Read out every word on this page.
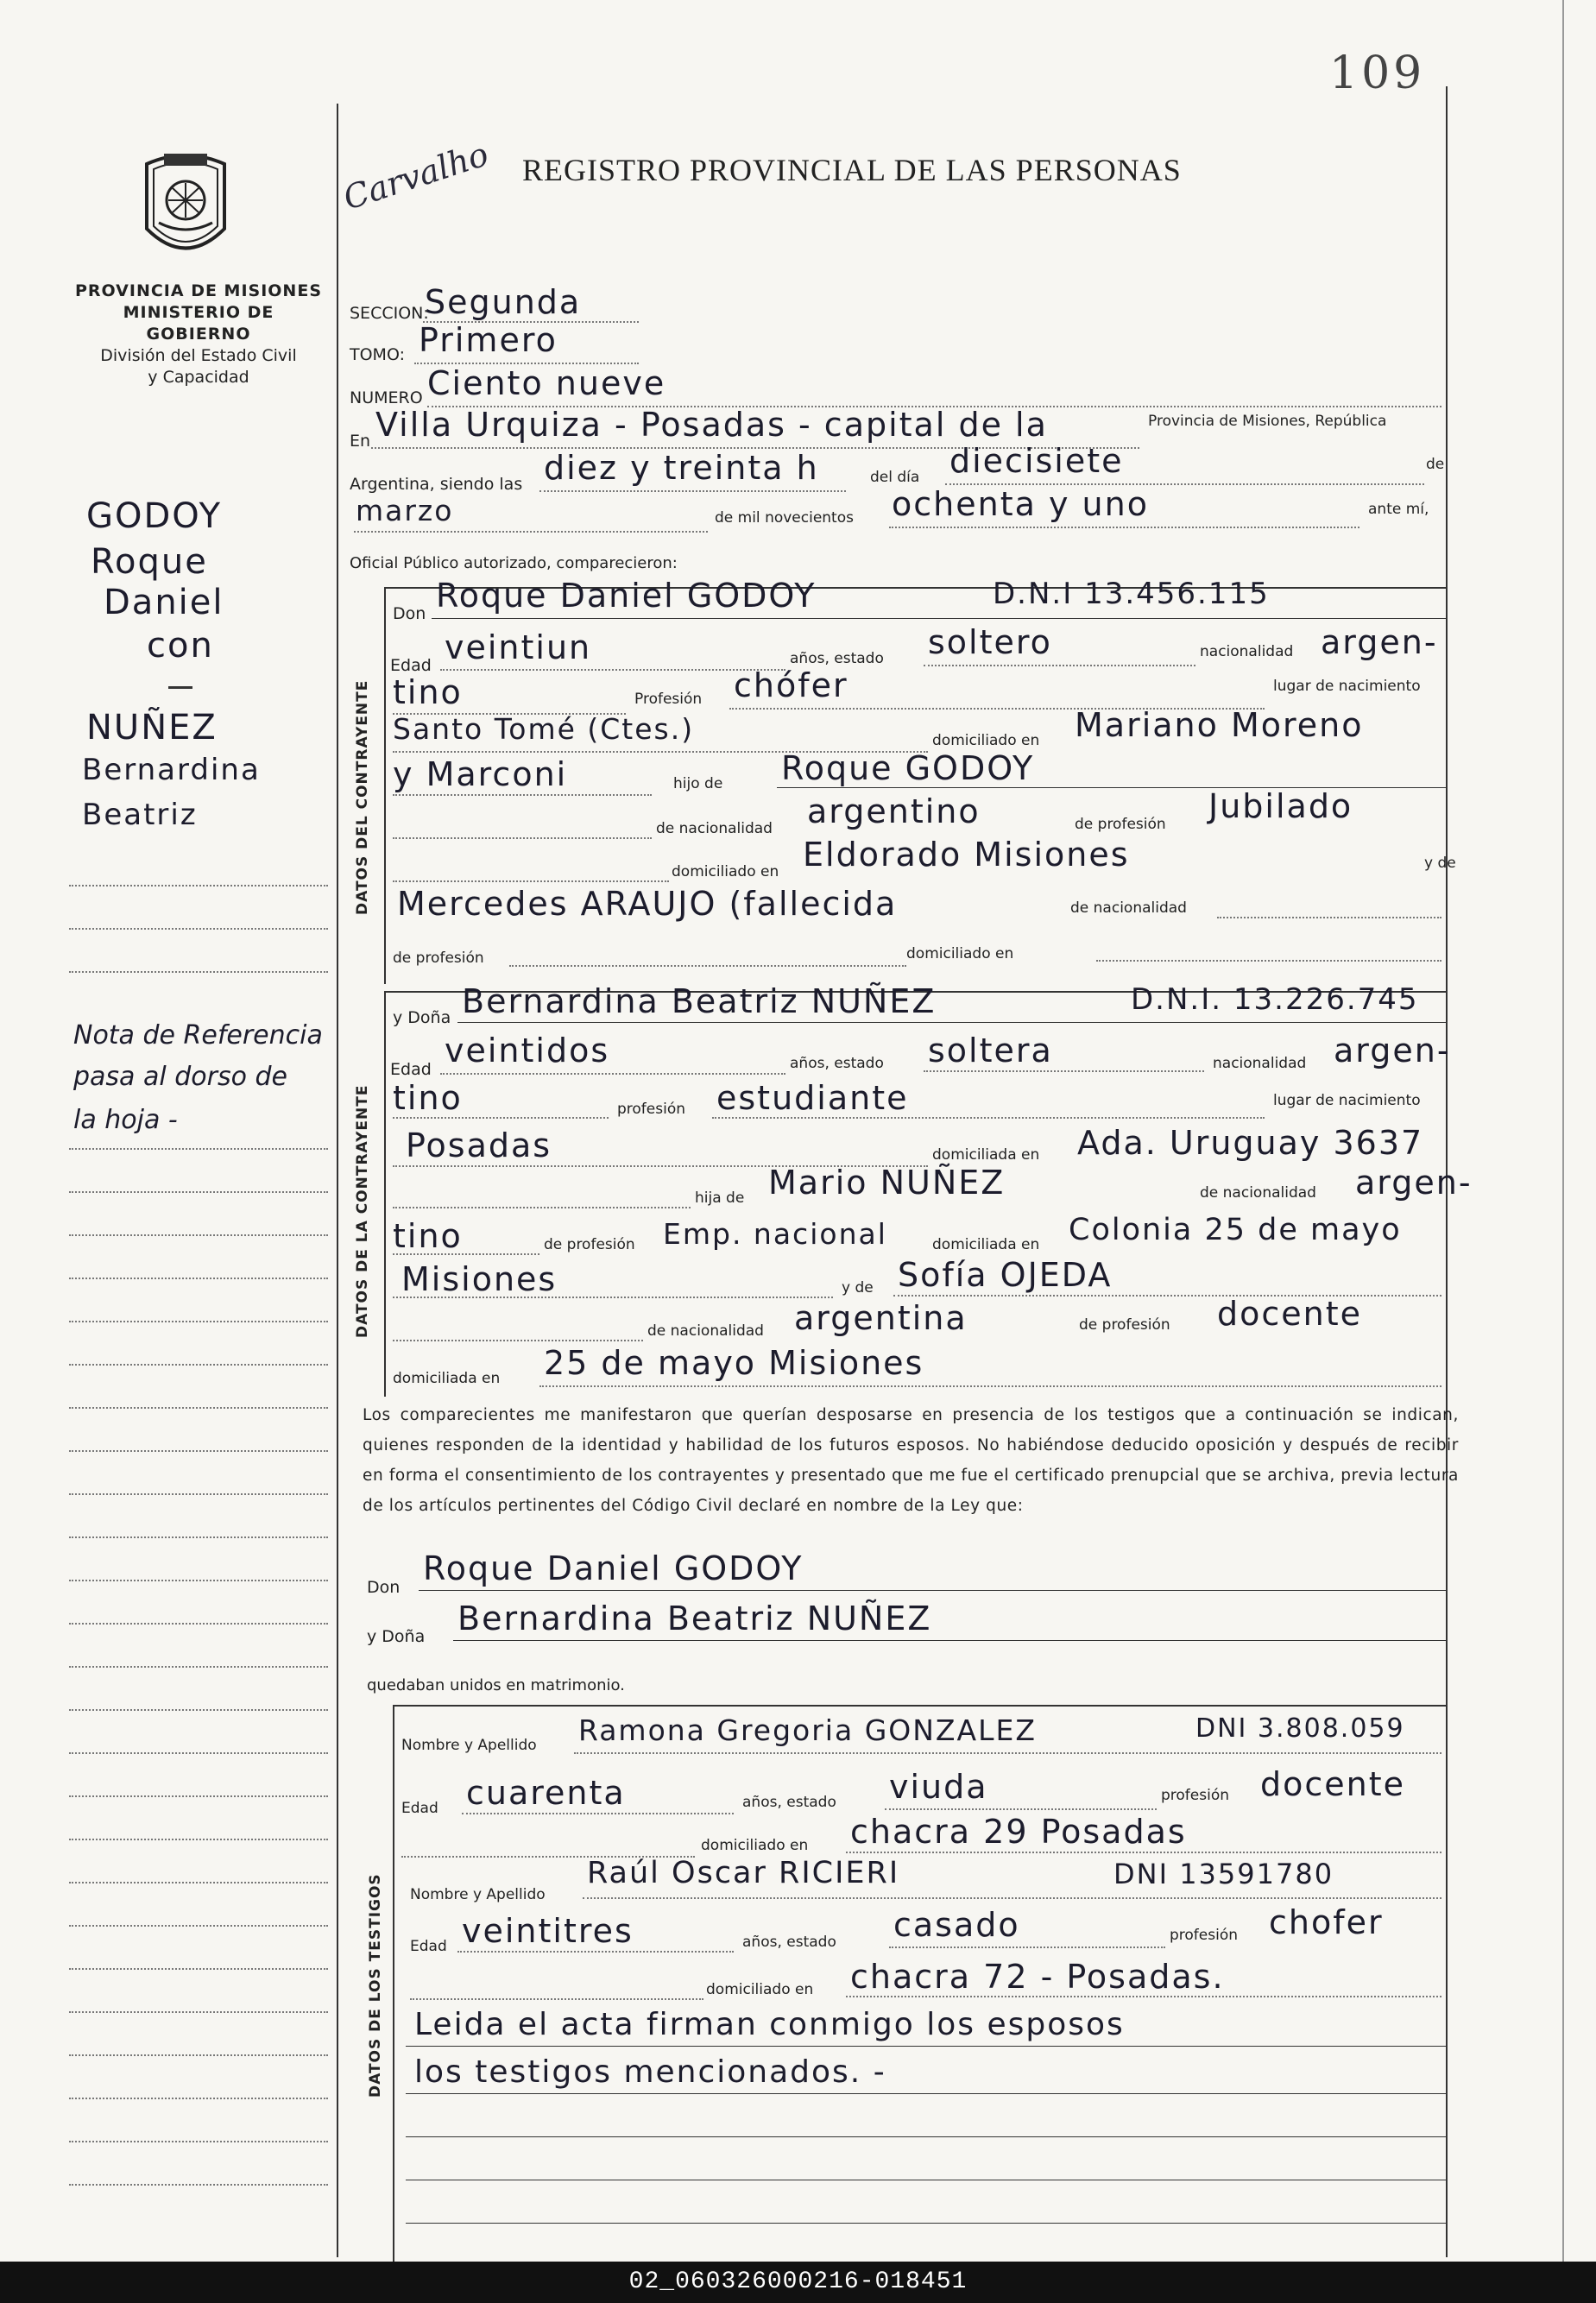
109
Carvalho REGISTRO PROVINCIAL DE LAS PERSONAS
PROVINCIA DE MISIONES
MINISTERIO DE GOBIERNO
División del Estado Civil
y Capacidad
GODOY
Roque
Daniel
con
NUÑEZ
Bernardina
Beatriz
Nota de Referencia
pasa al dorso de
la hoja -
SECCION:
Segunda
TOMO: Primero
NUMERO Ciento nueve
En Villa Urquiza - Posadas - capital de la	Provincia de Misiones, República
Argentina, siendo las diez y treinta h	del día diecisiete	de
marzo	de mil novecientos ochenta y uno	ante mí,
Oficial Público autorizado, comparecieron:
DATOS DEL CONTRAYENTE
Don Roque Daniel GODOY	D.N.I 13.456.115
Edad veintiun	años, estado soltero	nacionalidad argen-
tino	Profesión chófer	lugar de nacimiento
Santo Tomé (Ctes.)	domiciliado en Mariano Moreno
y Marconi	hijo de Roque GODOY
de nacionalidad argentino	de profesión Jubilado
domiciliado en Eldorado Misiones	y de
Mercedes ARAUJO (fallecida	de nacionalidad
de profesión	domiciliado en
DATOS DE LA CONTRAYENTE
y Doña Bernardina Beatriz NUÑEZ	D.N.I. 13.226.745
Edad veintidos	años, estado soltera	nacionalidad argen-
tino	profesión estudiante	lugar de nacimiento
Posadas	domiciliada en Ada. Uruguay 3637
hija de Mario NUÑEZ	de nacionalidad argen-
tino	de profesión Emp. nacional	domiciliada en Colonia 25 de mayo
Misiones	y de Sofía OJEDA
de nacionalidad argentina	de profesión docente
domiciliada en 25 de mayo Misiones
Los comparecientes me manifestaron que querían desposarse en presencia de los testigos que a continuación se indican, quienes responden de la identidad y habilidad de los futuros esposos. No habiéndose deducido oposición y después de recibir en forma el consentimiento de los contrayentes y presentado que me fue el certificado prenupcial que se archiva, previa lectura de los artículos pertinentes del Código Civil declaré en nombre de la Ley que:
Don Roque Daniel GODOY
y Doña Bernardina Beatriz NUÑEZ
quedaban unidos en matrimonio.
DATOS DE LOS TESTIGOS
Nombre y Apellido Ramona Gregoria GONZALEZ	DNI 3.808.059
Edad cuarenta	años, estado viuda	profesión docente
domiciliado en chacra 29 Posadas
Nombre y Apellido
Raúl Oscar RICIERI	DNI 13591780
Edad veintitres	años, estado casado	profesión chofer
domiciliado en chacra 72 - Posadas.
Leida el acta firman conmigo los esposos
los testigos mencionados. -
02_060326000216-018451
